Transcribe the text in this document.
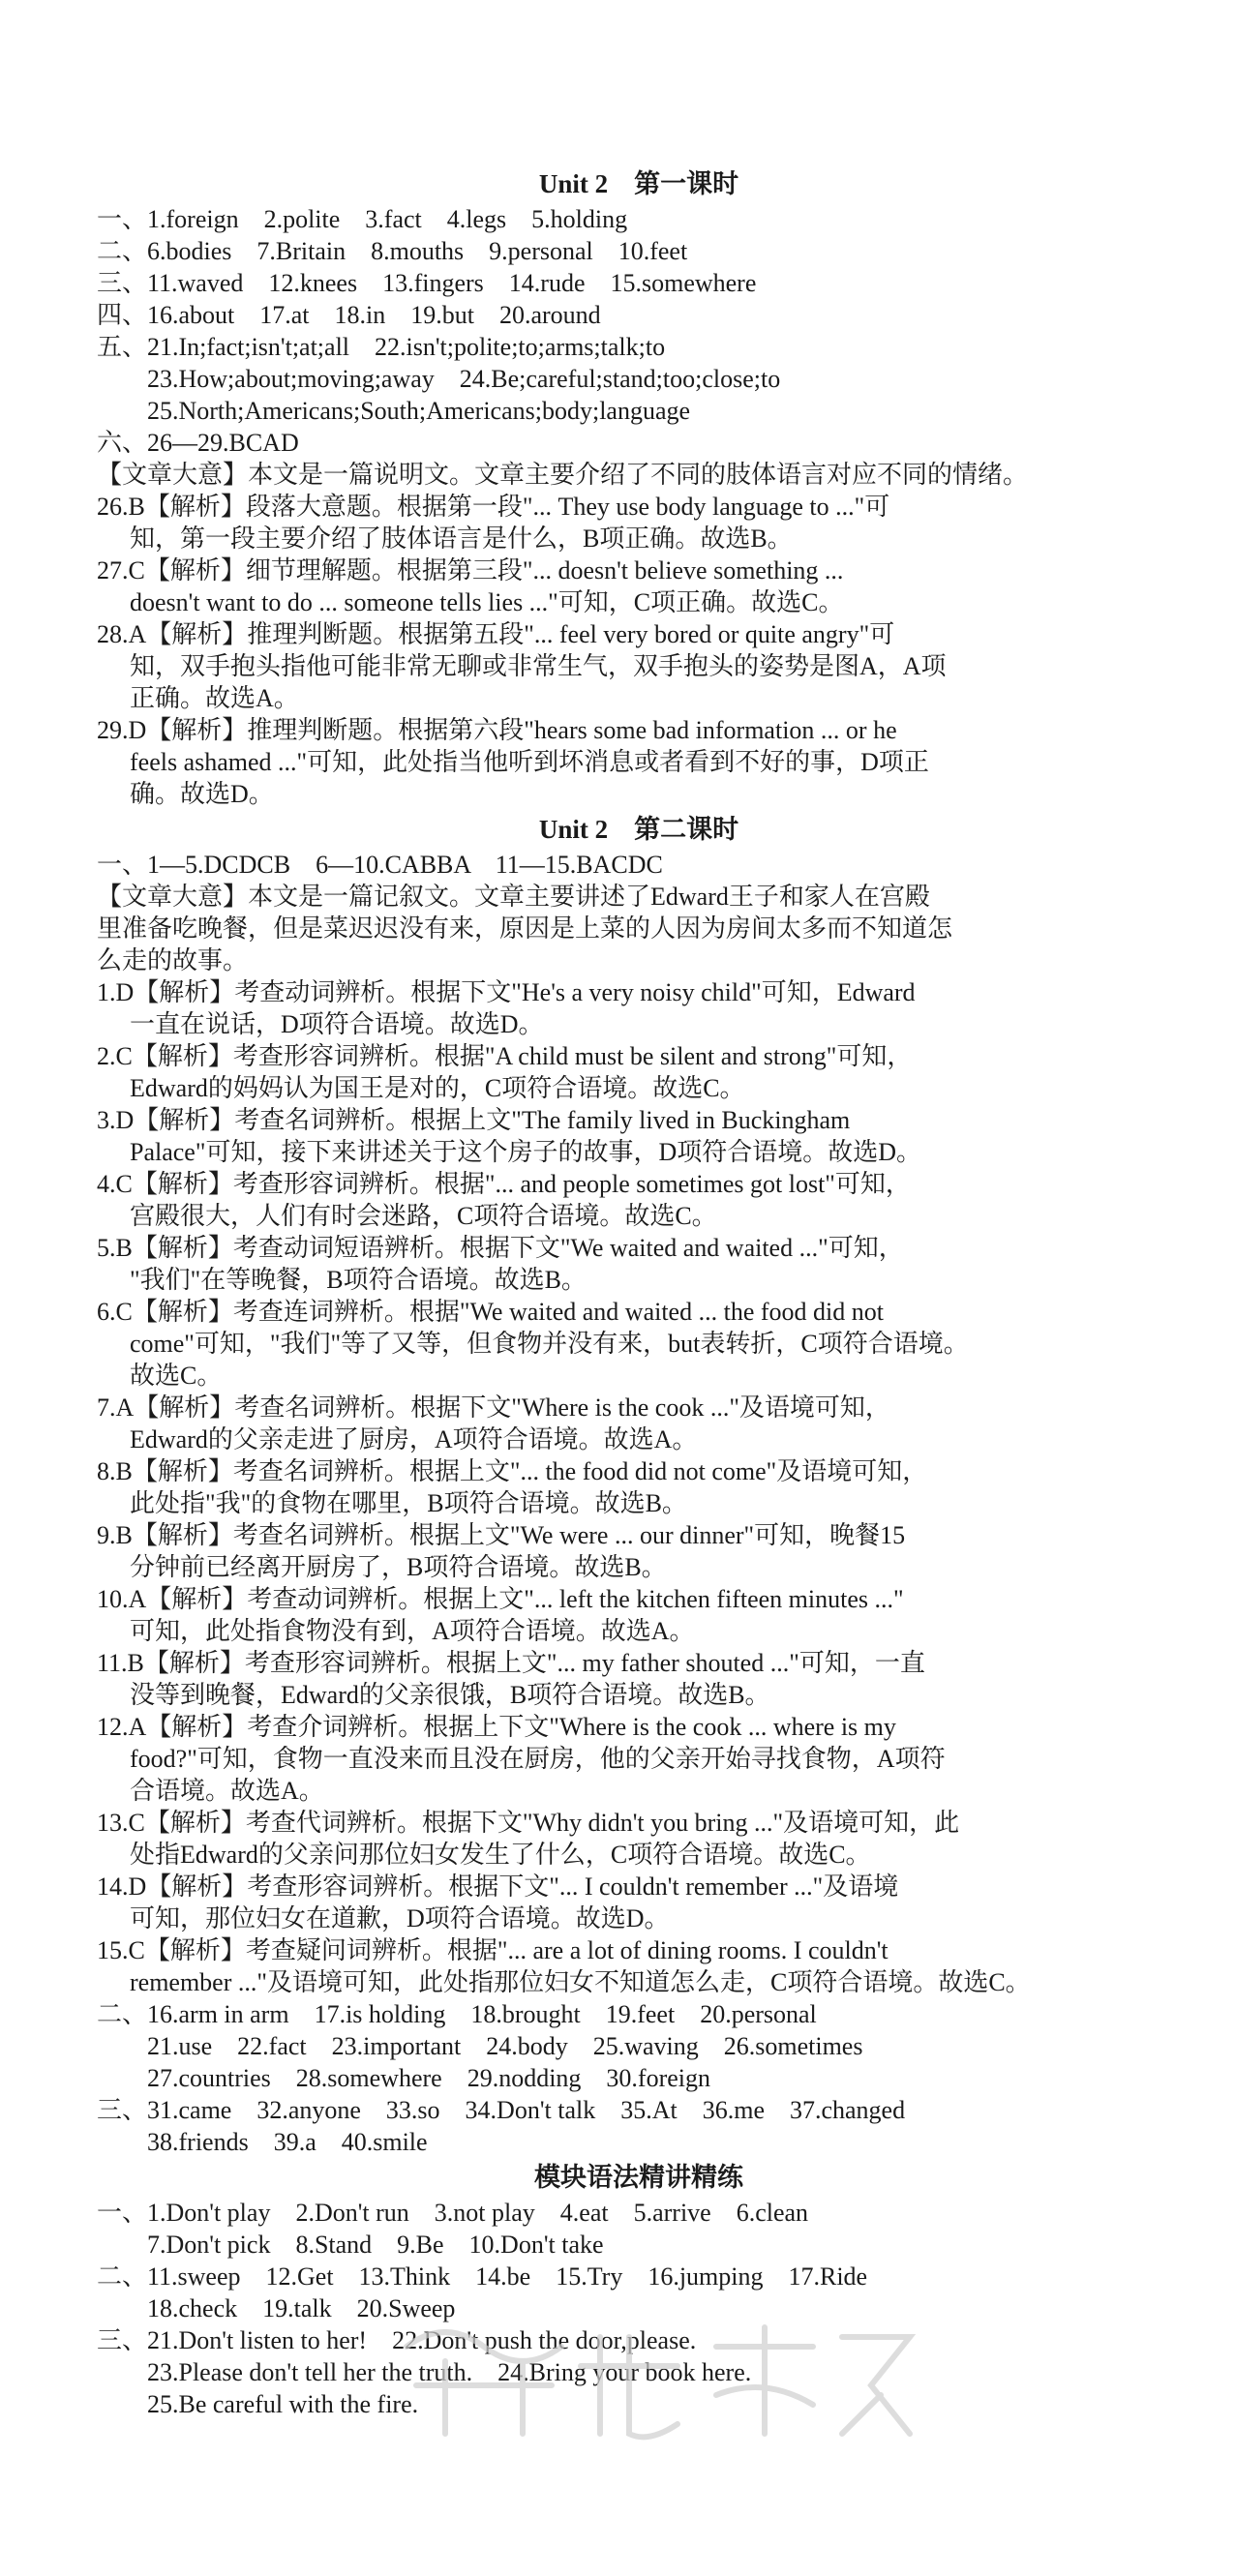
Unit 2　第一课时
一、1.foreign　2.polite　3.fact　4.legs　5.holding
二、6.bodies　7.Britain　8.mouths　9.personal　10.feet
三、11.waved　12.knees　13.fingers　14.rude　15.somewhere
四、16.about　17.at　18.in　19.but　20.around
五、21.In;fact;isn't;at;all　22.isn't;polite;to;arms;talk;to
23.How;about;moving;away　24.Be;careful;stand;too;close;to
25.North;Americans;South;Americans;body;language
六、26—29.BCAD
【文章大意】本文是一篇说明文。文章主要介绍了不同的肢体语言对应不同的情绪。
26.B【解析】段落大意题。根据第一段"... They use body language to ..."可
知，第一段主要介绍了肢体语言是什么，B项正确。故选B。
27.C【解析】细节理解题。根据第三段"... doesn't believe something ...
doesn't want to do ... someone tells lies ..."可知，C项正确。故选C。
28.A【解析】推理判断题。根据第五段"... feel very bored or quite angry"可
知，双手抱头指他可能非常无聊或非常生气，双手抱头的姿势是图A，A项
正确。故选A。
29.D【解析】推理判断题。根据第六段"hears some bad information ... or he
feels ashamed ..."可知，此处指当他听到坏消息或者看到不好的事，D项正
确。故选D。
Unit 2　第二课时
一、1—5.DCDCB　6—10.CABBA　11—15.BACDC
【文章大意】本文是一篇记叙文。文章主要讲述了Edward王子和家人在宫殿
里准备吃晚餐，但是菜迟迟没有来，原因是上菜的人因为房间太多而不知道怎
么走的故事。
1.D【解析】考查动词辨析。根据下文"He's a very noisy child"可知，Edward
一直在说话，D项符合语境。故选D。
2.C【解析】考查形容词辨析。根据"A child must be silent and strong"可知，
Edward的妈妈认为国王是对的，C项符合语境。故选C。
3.D【解析】考查名词辨析。根据上文"The family lived in Buckingham
Palace"可知，接下来讲述关于这个房子的故事，D项符合语境。故选D。
4.C【解析】考查形容词辨析。根据"... and people sometimes got lost"可知，
宫殿很大，人们有时会迷路，C项符合语境。故选C。
5.B【解析】考查动词短语辨析。根据下文"We waited and waited ..."可知，
"我们"在等晚餐，B项符合语境。故选B。
6.C【解析】考查连词辨析。根据"We waited and waited ... the food did not
come"可知，"我们"等了又等，但食物并没有来，but表转折，C项符合语境。
故选C。
7.A【解析】考查名词辨析。根据下文"Where is the cook ..."及语境可知，
Edward的父亲走进了厨房，A项符合语境。故选A。
8.B【解析】考查名词辨析。根据上文"... the food did not come"及语境可知，
此处指"我"的食物在哪里，B项符合语境。故选B。
9.B【解析】考查名词辨析。根据上文"We were ... our dinner"可知，晚餐15
分钟前已经离开厨房了，B项符合语境。故选B。
10.A【解析】考查动词辨析。根据上文"... left the kitchen fifteen minutes ..."
可知，此处指食物没有到，A项符合语境。故选A。
11.B【解析】考查形容词辨析。根据上文"... my father shouted ..."可知，一直
没等到晚餐，Edward的父亲很饿，B项符合语境。故选B。
12.A【解析】考查介词辨析。根据上下文"Where is the cook ... where is my
food?"可知，食物一直没来而且没在厨房，他的父亲开始寻找食物，A项符
合语境。故选A。
13.C【解析】考查代词辨析。根据下文"Why didn't you bring ..."及语境可知，此
处指Edward的父亲问那位妇女发生了什么，C项符合语境。故选C。
14.D【解析】考查形容词辨析。根据下文"... I couldn't remember ..."及语境
可知，那位妇女在道歉，D项符合语境。故选D。
15.C【解析】考查疑问词辨析。根据"... are a lot of dining rooms. I couldn't
remember ..."及语境可知，此处指那位妇女不知道怎么走，C项符合语境。故选C。
二、16.arm in arm　17.is holding　18.brought　19.feet　20.personal
21.use　22.fact　23.important　24.body　25.waving　26.sometimes
27.countries　28.somewhere　29.nodding　30.foreign
三、31.came　32.anyone　33.so　34.Don't talk　35.At　36.me　37.changed
38.friends　39.a　40.smile
模块语法精讲精练
一、1.Don't play　2.Don't run　3.not play　4.eat　5.arrive　6.clean
7.Don't pick　8.Stand　9.Be　10.Don't take
二、11.sweep　12.Get　13.Think　14.be　15.Try　16.jumping　17.Ride
18.check　19.talk　20.Sweep
三、21.Don't listen to her!　22.Don't push the door,please.
23.Please don't tell her the truth.　24.Bring your book here.
25.Be careful with the fire.
